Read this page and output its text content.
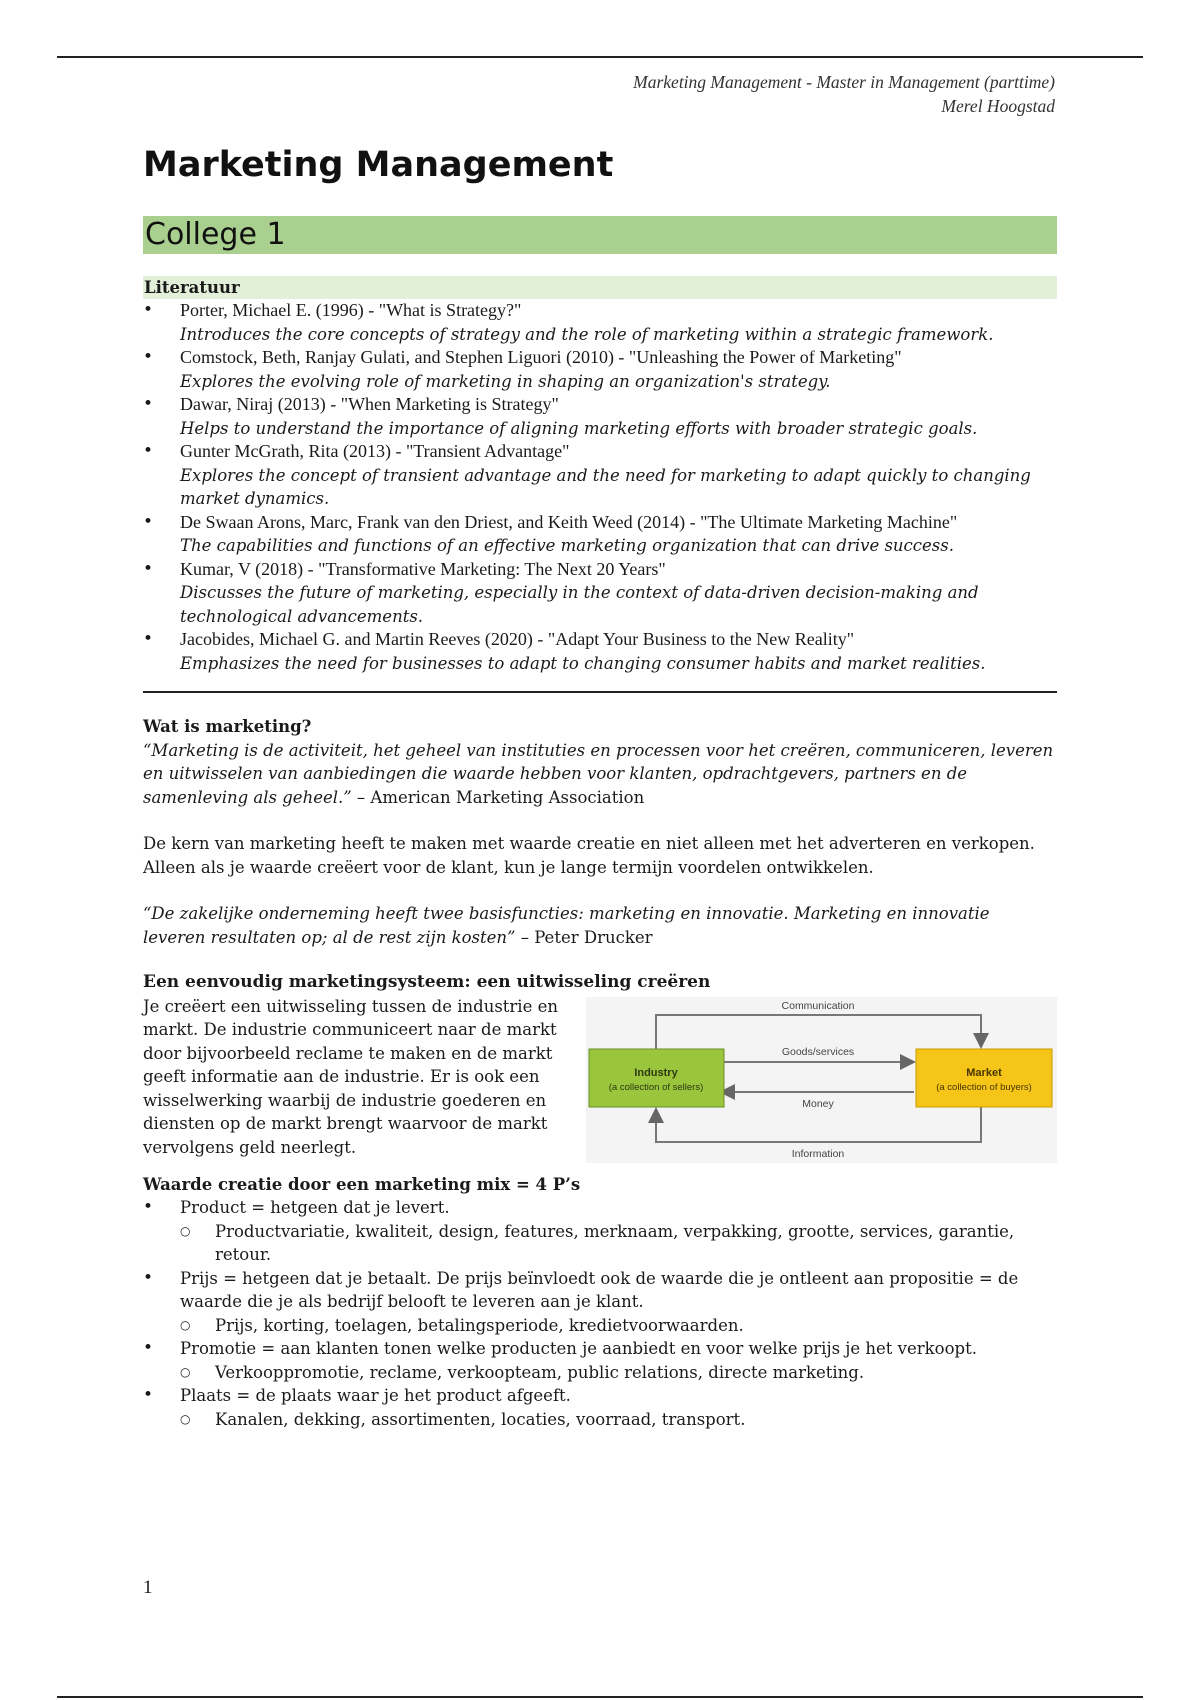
Marketing Management - Master in Management (parttime)
Merel Hoogstad
Marketing Management
College 1
Literatuur
• Porter, Michael E. (1996) - "What is Strategy?"
Introduces the core concepts of strategy and the role of marketing within a strategic framework.
• Comstock, Beth, Ranjay Gulati, and Stephen Liguori (2010) - "Unleashing the Power of Marketing"
Explores the evolving role of marketing in shaping an organization's strategy.
• Dawar, Niraj (2013) - "When Marketing is Strategy"
Helps to understand the importance of aligning marketing efforts with broader strategic goals.
• Gunter McGrath, Rita (2013) - "Transient Advantage"
Explores the concept of transient advantage and the need for marketing to adapt quickly to changing market dynamics.
• De Swaan Arons, Marc, Frank van den Driest, and Keith Weed (2014) - "The Ultimate Marketing Machine"
The capabilities and functions of an effective marketing organization that can drive success.
• Kumar, V (2018) - "Transformative Marketing: The Next 20 Years"
Discusses the future of marketing, especially in the context of data-driven decision-making and technological advancements.
• Jacobides, Michael G. and Martin Reeves (2020) - "Adapt Your Business to the New Reality"
Emphasizes the need for businesses to adapt to changing consumer habits and market realities.
Wat is marketing?

“Marketing is de activiteit, het geheel van instituties en processen voor het creëren, communiceren, leveren en uitwisselen van aanbiedingen die waarde hebben voor klanten, opdrachtgevers, partners en de samenleving als geheel.” – American Marketing Association

De kern van marketing heeft te maken met waarde creatie en niet alleen met het adverteren en verkopen. Alleen als je waarde creëert voor de klant, kun je lange termijn voordelen ontwikkelen.

“De zakelijke onderneming heeft twee basisfuncties: marketing en innovatie. Marketing en innovatie leveren resultaten op; al de rest zijn kosten” – Peter Drucker

Een eenvoudig marketingsysteem: een uitwisseling creëren

Je creëert een uitwisseling tussen de industrie en markt. De industrie communiceert naar de markt door bijvoorbeeld reclame te maken en de markt geeft informatie aan de industrie. Er is ook een wisselwerking waarbij de industrie goederen en diensten op de markt brengt waarvoor de markt vervolgens geld neerlegt.

Communication
Goods/services
Money
Information
Industry
(a collection of sellers)
Market
(a collection of buyers)
Waarde creatie door een marketing mix = 4 P’s
• Product = hetgeen dat je levert.
○ Productvariatie, kwaliteit, design, features, merknaam, verpakking, grootte, services, garantie, retour.
• Prijs = hetgeen dat je betaalt. De prijs beïnvloedt ook de waarde die je ontleent aan propositie = de waarde die je als bedrijf belooft te leveren aan je klant.
○ Prijs, korting, toelagen, betalingsperiode, kredietvoorwaarden.
• Promotie = aan klanten tonen welke producten je aanbiedt en voor welke prijs je het verkoopt.
○ Verkooppromotie, reclame, verkoopteam, public relations, directe marketing.
• Plaats = de plaats waar je het product afgeeft.
○ Kanalen, dekking, assortimenten, locaties, voorraad, transport.
1
